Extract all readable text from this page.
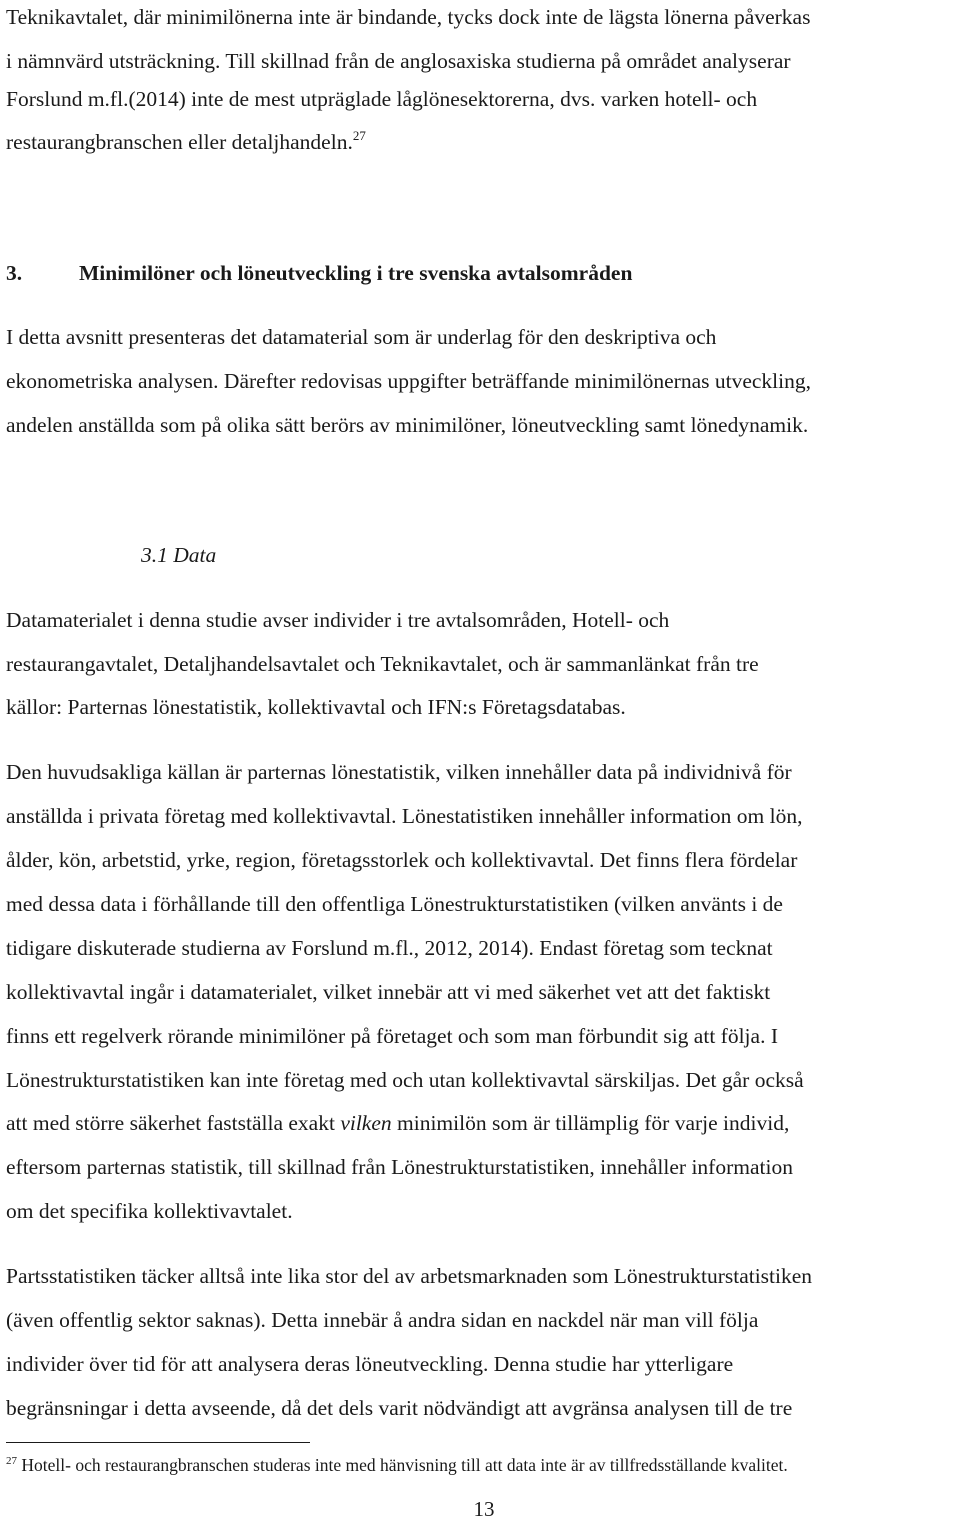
Teknikavtalet, där minimilönerna inte är bindande, tycks dock inte de lägsta lönerna påverkas
i nämnvärd utsträckning. Till skillnad från de anglosaxiska studierna på området analyserar
Forslund m.fl.(2014) inte de mest utpräglade låglönesektorerna, dvs. varken hotell- och
restaurangbranschen eller detaljhandeln.$^{27}$
3.	Minimilöner och löneutveckling i tre svenska avtalsområden
I detta avsnitt presenteras det datamaterial som är underlag för den deskriptiva och
ekonometriska analysen. Därefter redovisas uppgifter beträffande minimilönernas utveckling,
andelen anställda som på olika sätt berörs av minimilöner, löneutveckling samt lönedynamik.
3.1 Data
Datamaterialet i denna studie avser individer i tre avtalsområden, Hotell- och
restaurangavtalet, Detaljhandelsavtalet och Teknikavtalet, och är sammanlänkat från tre
källor: Parternas lönestatistik, kollektivavtal och IFN:s Företagsdatabas.
Den huvudsakliga källan är parternas lönestatistik, vilken innehåller data på individnivå för
anställda i privata företag med kollektivavtal. Lönestatistiken innehåller information om lön,
ålder, kön, arbetstid, yrke, region, företagsstorlek och kollektivavtal. Det finns flera fördelar
med dessa data i förhållande till den offentliga Lönestrukturstatistiken (vilken använts i de
tidigare diskuterade studierna av Forslund m.fl., 2012, 2014). Endast företag som tecknat
kollektivavtal ingår i datamaterialet, vilket innebär att vi med säkerhet vet att det faktiskt
finns ett regelverk rörande minimilöner på företaget och som man förbundit sig att följa. I
Lönestrukturstatistiken kan inte företag med och utan kollektivavtal särskiljas. Det går också
att med större säkerhet fastställa exakt vilken minimilön som är tillämplig för varje individ,
eftersom parternas statistik, till skillnad från Lönestrukturstatistiken, innehåller information
om det specifika kollektivavtalet.
Partsstatistiken täcker alltså inte lika stor del av arbetsmarknaden som Lönestrukturstatistiken
(även offentlig sektor saknas). Detta innebär å andra sidan en nackdel när man vill följa
individer över tid för att analysera deras löneutveckling. Denna studie har ytterligare
begränsningar i detta avseende, då det dels varit nödvändigt att avgränsa analysen till de tre
$^{27}$ Hotell- och restaurangbranschen studeras inte med hänvisning till att data inte är av tillfredsställande kvalitet.
13
